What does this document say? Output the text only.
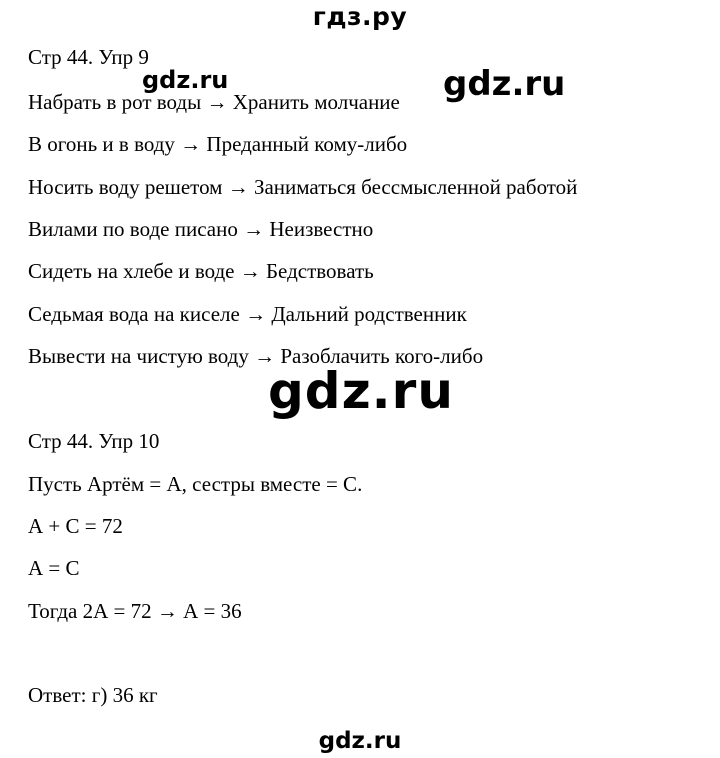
гдз.ру
Стр 44. Упр 9
gdz.ru	gdz.ru
Набрать в рот воды → Хранить молчание
В огонь и в воду → Преданный кому-либо
Носить воду решетом → Заниматься бессмысленной работой
Вилами по воде писано → Неизвестно
Сидеть на хлебе и воде → Бедствовать
Седьмая вода на киселе → Дальний родственник
Вывести на чистую воду → Разоблачить кого-либо
gdz.ru
Стр 44. Упр 10
Пусть Артём = А, сестры вместе = С.
А + С = 72
А = С
Тогда 2А = 72 → А = 36
Ответ: г) 36 кг
gdz.ru
